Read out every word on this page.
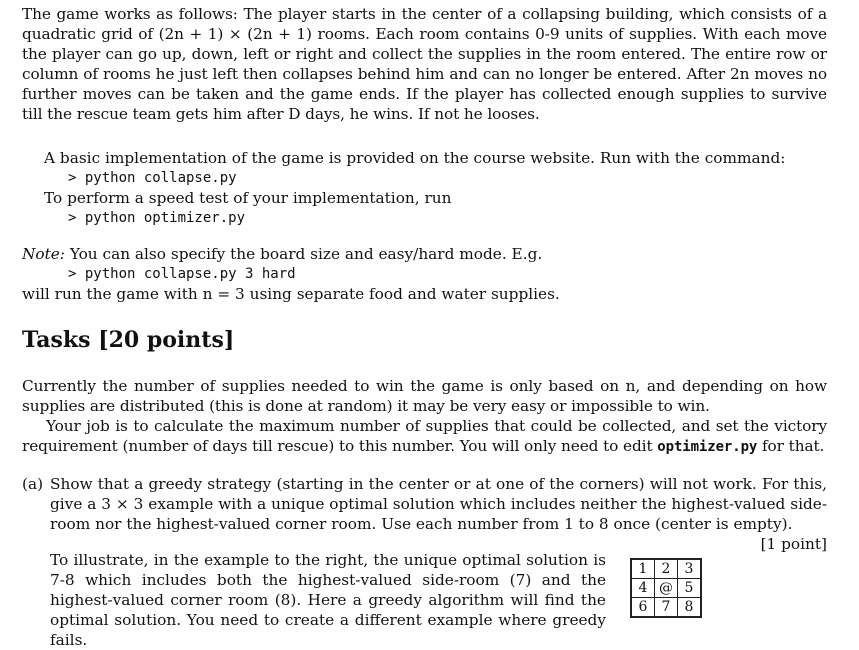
The game works as follows: The player starts in the center of a collapsing building, which consists of a quadratic grid of (2n + 1) × (2n + 1) rooms. Each room contains 0-9 units of supplies. With each move the player can go up, down, left or right and collect the supplies in the room entered. The entire row or column of rooms he just left then collapses behind him and can no longer be entered. After 2n moves no further moves can be taken and the game ends. If the player has collected enough supplies to survive till the rescue team gets him after D days, he wins. If not he looses.

A basic implementation of the game is provided on the course website. Run with the command:
> python collapse.py
To perform a speed test of your implementation, run
> python optimizer.py
Note: You can also specify the board size and easy/hard mode. E.g.
> python collapse.py 3 hard
will run the game with n = 3 using separate food and water supplies.
Tasks [20 points]

Currently the number of supplies needed to win the game is only based on n, and depending on how supplies are distributed (this is done at random) it may be very easy or impossible to win.

Your job is to calculate the maximum number of supplies that could be collected, and set the victory requirement (number of days till rescue) to this number. You will only need to edit optimizer.py for that.

(a) Show that a greedy strategy (starting in the center or at one of the corners) will not work. For this, give a 3 × 3 example with a unique optimal solution which includes neither the highest-valued side-room nor the highest-valued corner room. Use each number from 1 to 8 once (center is empty).
[1 point]

To illustrate, in the example to the right, the unique optimal solution is 7-8 which includes both the highest-valued side-room (7) and the highest-valued corner room (8). Here a greedy algorithm will find the optimal solution. You need to create a different example where greedy fails.

1	2	3
4	@	5
6	7	8
